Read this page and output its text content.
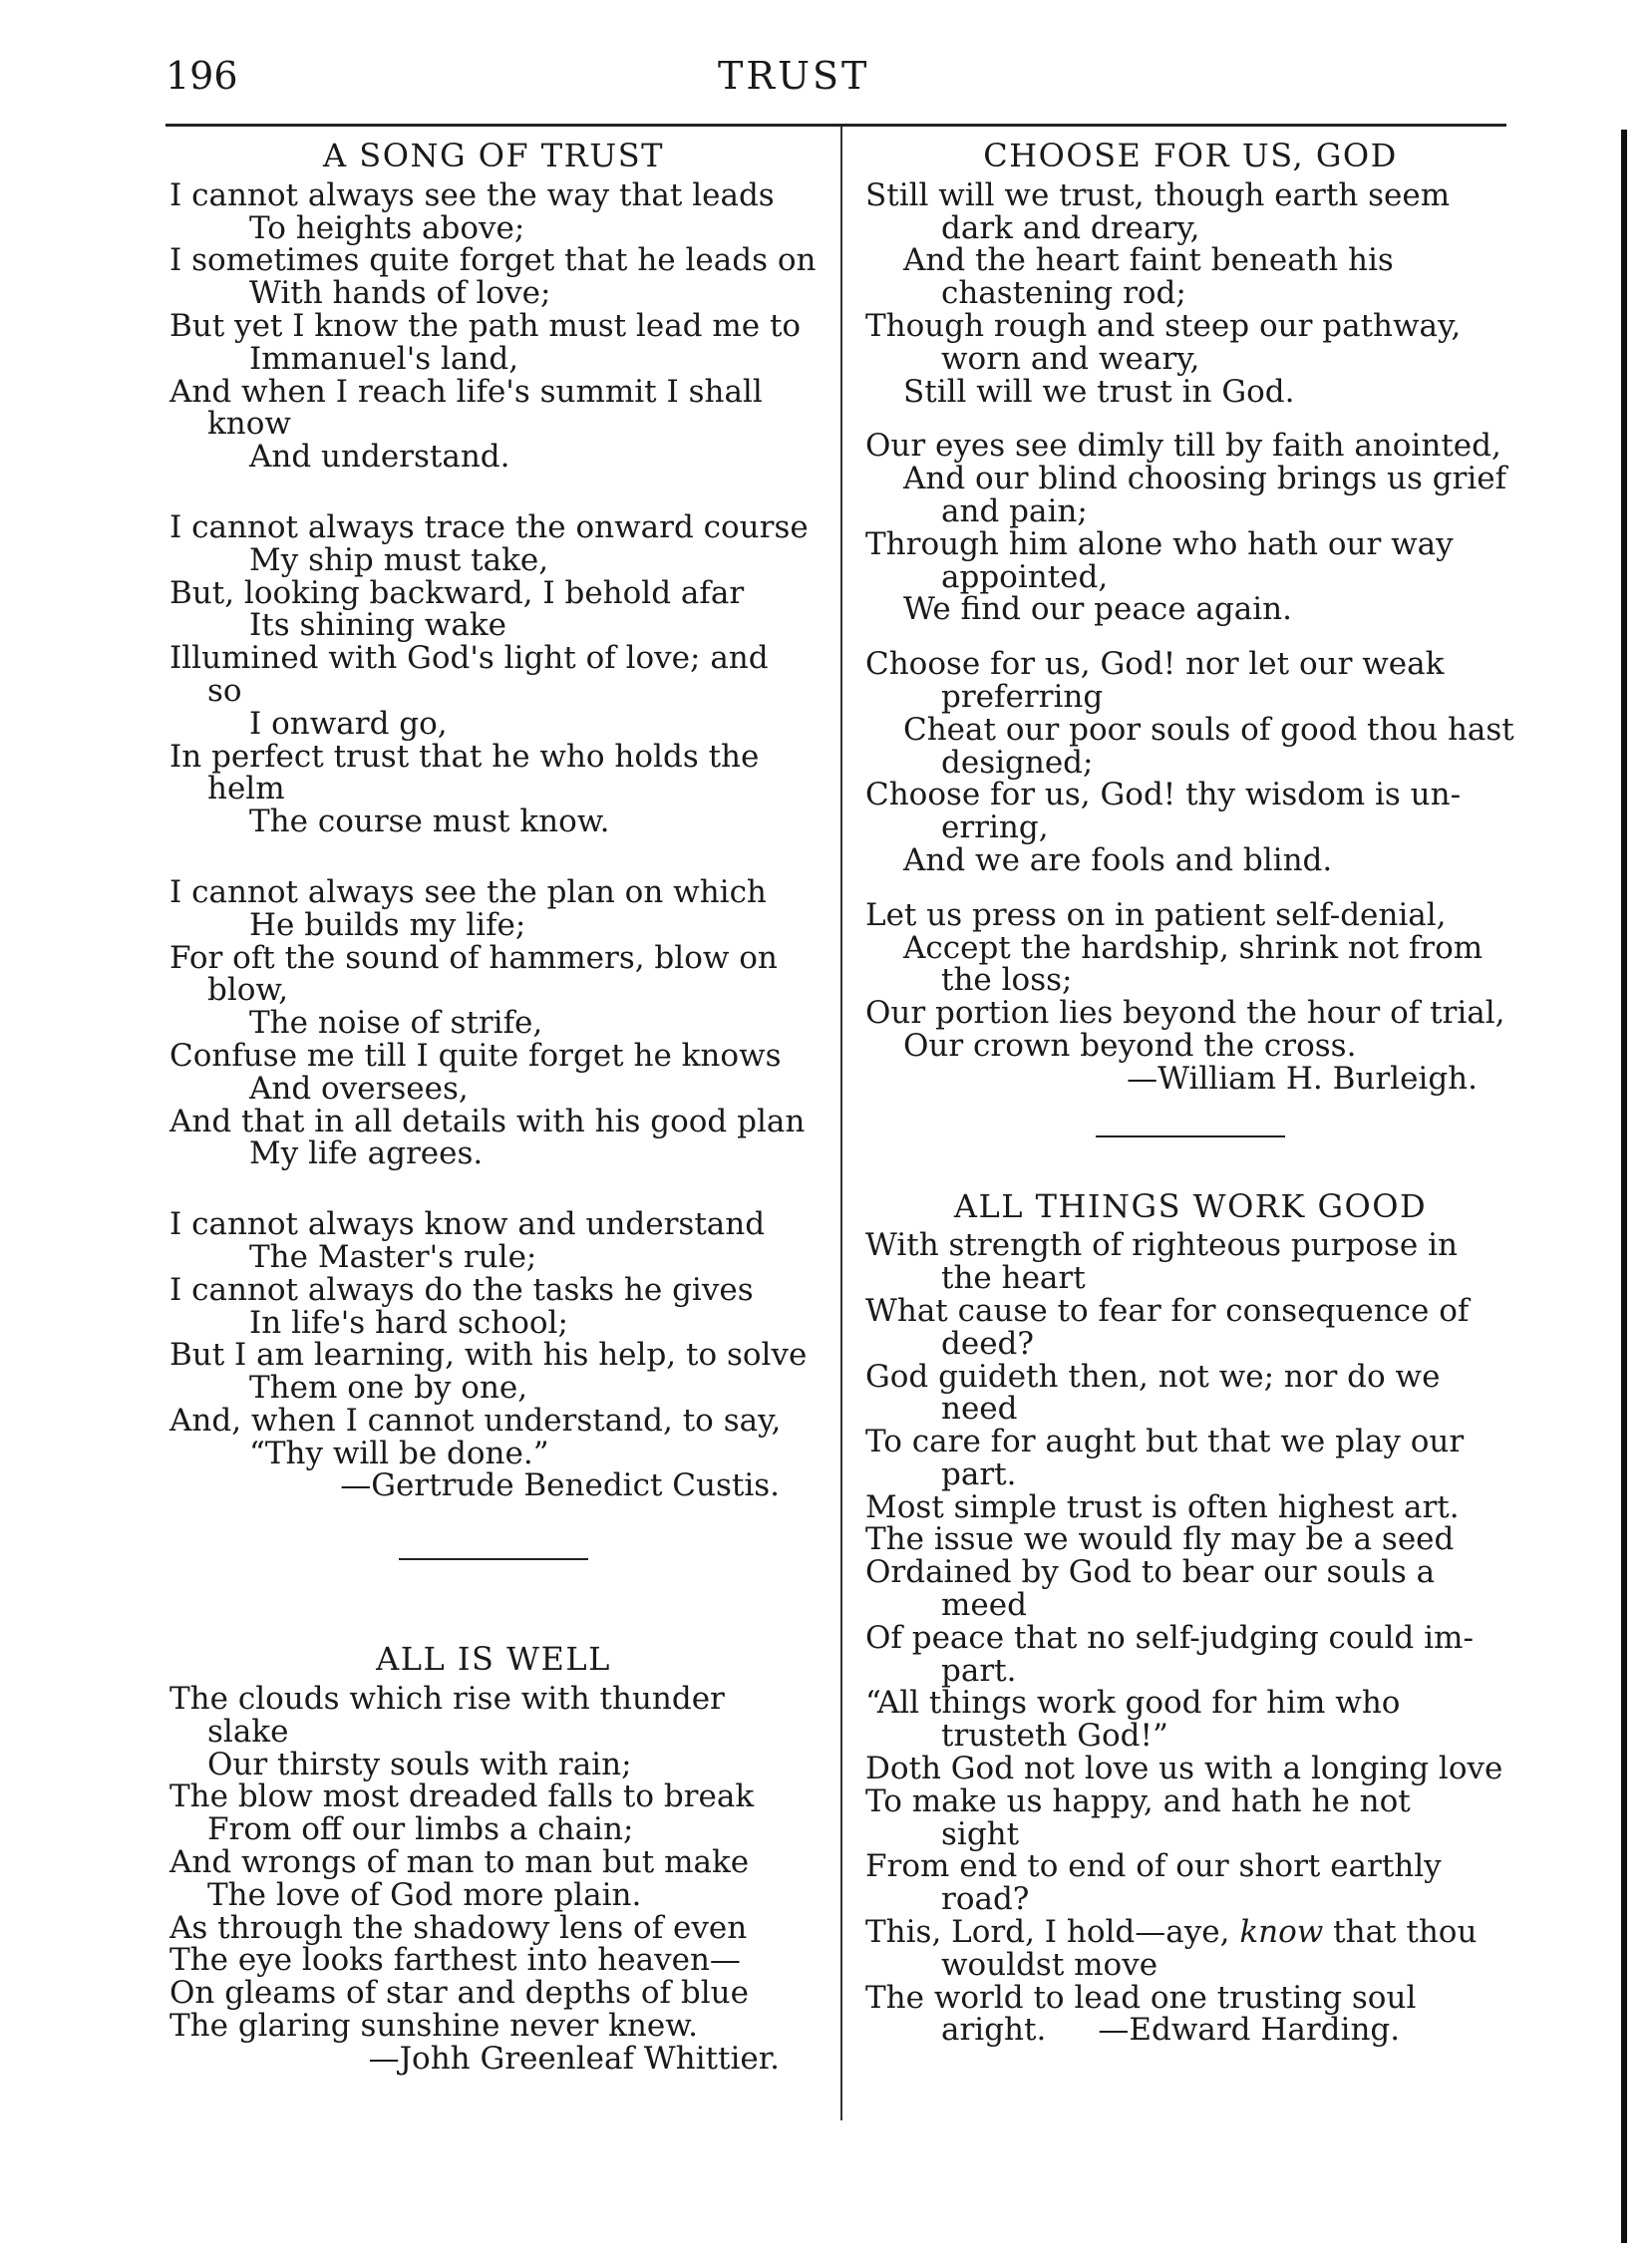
196	TRUST
A SONG OF TRUST
I cannot always see the way that leads
To heights above;
I sometimes quite forget that he leads on
With hands of love;
But yet I know the path must lead me to
Immanuel's land,
And when I reach life's summit I shall
know
And understand.
I cannot always trace the onward course
My ship must take,
But, looking backward, I behold afar
Its shining wake
Illumined with God's light of love; and
so
I onward go,
In perfect trust that he who holds the
helm
The course must know.
I cannot always see the plan on which
He builds my life;
For oft the sound of hammers, blow on
blow,
The noise of strife,
Confuse me till I quite forget he knows
And oversees,
And that in all details with his good plan
My life agrees.
I cannot always know and understand
The Master's rule;
I cannot always do the tasks he gives
In life's hard school;
But I am learning, with his help, to solve
Them one by one,
And, when I cannot understand, to say,
“Thy will be done.”
—Gertrude Benedict Custis.
ALL IS WELL
The clouds which rise with thunder
slake
Our thirsty souls with rain;
The blow most dreaded falls to break
From off our limbs a chain;
And wrongs of man to man but make
The love of God more plain.
As through the shadowy lens of even
The eye looks farthest into heaven—
On gleams of star and depths of blue
The glaring sunshine never knew.
—Johh Greenleaf Whittier.
CHOOSE FOR US, GOD
Still will we trust, though earth seem
dark and dreary,
And the heart faint beneath his
chastening rod;
Though rough and steep our pathway,
worn and weary,
Still will we trust in God.
Our eyes see dimly till by faith anointed,
And our blind choosing brings us grief
and pain;
Through him alone who hath our way
appointed,
We find our peace again.
Choose for us, God! nor let our weak
preferring
Cheat our poor souls of good thou hast
designed;
Choose for us, God! thy wisdom is un-
erring,
And we are fools and blind.
Let us press on in patient self-denial,
Accept the hardship, shrink not from
the loss;
Our portion lies beyond the hour of trial,
Our crown beyond the cross.
—William H. Burleigh.
ALL THINGS WORK GOOD
With strength of righteous purpose in
the heart
What cause to fear for consequence of
deed?
God guideth then, not we; nor do we
need
To care for aught but that we play our
part.
Most simple trust is often highest art.
The issue we would fly may be a seed
Ordained by God to bear our souls a
meed
Of peace that no self-judging could im-
part.
“All things work good for him who
trusteth God!”
Doth God not love us with a longing love
To make us happy, and hath he not
sight
From end to end of our short earthly
road?
This, Lord, I hold—aye, know that thou
wouldst move
The world to lead one trusting soul
aright. —Edward Harding.
